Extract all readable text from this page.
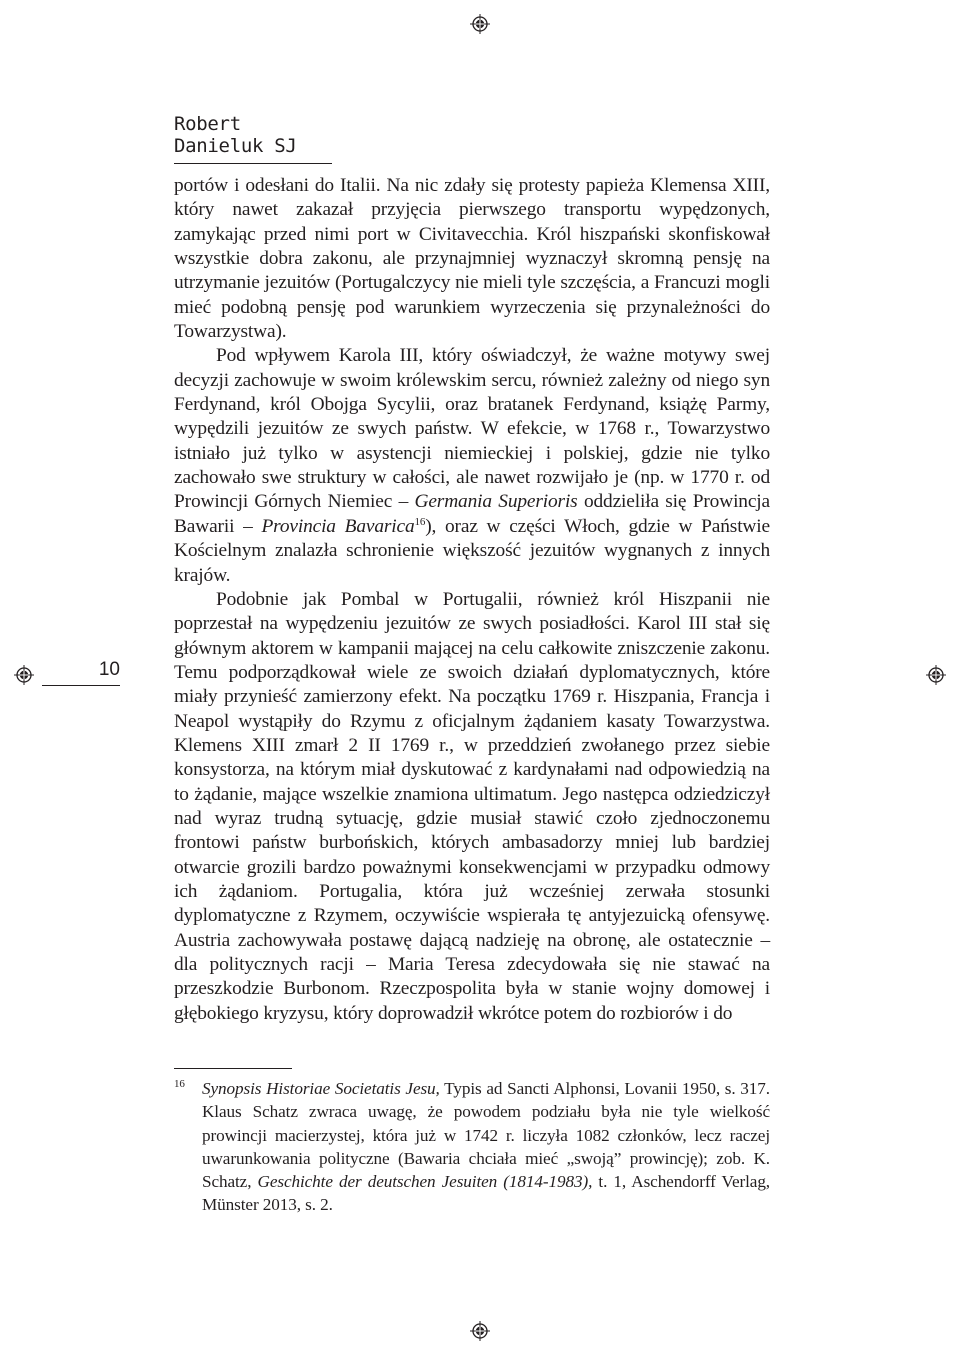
Robert Danieluk SJ
10

portów i odesłani do Italii. Na nic zdały się protesty papieża Klemensa XIII, który nawet zakazał przyjęcia pierwszego transportu wypędzonych, zamykając przed nimi port w Civitavecchia. Król hiszpański skonfiskował wszystkie dobra zakonu, ale przynajmniej wyznaczył skromną pensję na utrzymanie jezuitów (Portugalczycy nie mieli tyle szczęścia, a Francuzi mogli mieć podobną pensję pod warunkiem wyrzeczenia się przynależności do Towarzystwa).

Pod wpływem Karola III, który oświadczył, że ważne motywy swej decyzji zachowuje w swoim królewskim sercu, również zależny od niego syn Ferdynand, król Obojga Sycylii, oraz bratanek Ferdynand, książę Parmy, wypędzili jezuitów ze swych państw. W efekcie, w 1768 r., Towarzystwo istniało już tylko w asystencji niemieckiej i polskiej, gdzie nie tylko zachowało swe struktury w całości, ale nawet rozwijało je (np. w 1770 r. od Prowincji Górnych Niemiec – Germania Superioris oddzieliła się Prowincja Bawarii – Provincia Bavarica$^{16}$), oraz w części Włoch, gdzie w Państwie Kościelnym znalazła schronienie większość jezuitów wygnanych z innych krajów.

Podobnie jak Pombal w Portugalii, również król Hiszpanii nie poprzestał na wypędzeniu jezuitów ze swych posiadłości. Karol III stał się głównym aktorem w kampanii mającej na celu całkowite zniszczenie zakonu. Temu podporządkował wiele ze swoich działań dyplomatycznych, które miały przynieść zamierzony efekt. Na początku 1769 r. Hiszpania, Francja i Neapol wystąpiły do Rzymu z oficjalnym żądaniem kasaty Towarzystwa. Klemens XIII zmarł 2 II 1769 r., w przeddzień zwołanego przez siebie konsystorza, na którym miał dyskutować z kardynałami nad odpowiedzią na to żądanie, mające wszelkie znamiona ultimatum. Jego następca odziedziczył nad wyraz trudną sytuację, gdzie musiał stawić czoło zjednoczonemu frontowi państw burbońskich, których ambasadorzy mniej lub bardziej otwarcie grozili bardzo poważnymi konsekwencjami w przypadku odmowy ich żądaniom. Portugalia, która już wcześniej zerwała stosunki dyplomatyczne z Rzymem, oczywiście wspierała tę antyjezuicką ofensywę. Austria zachowywała postawę dającą nadzieję na obronę, ale ostatecznie – dla politycznych racji – Maria Teresa zdecydowała się nie stawać na przeszkodzie Burbonom. Rzeczpospolita była w stanie wojny domowej i głębokiego kryzysu, który doprowadził wkrótce potem do rozbiorów i do

16 Synopsis Historiae Societatis Jesu, Typis ad Sancti Alphonsi, Lovanii 1950, s. 317. Klaus Schatz zwraca uwagę, że powodem podziału była nie tyle wielkość prowincji macierzystej, która już w 1742 r. liczyła 1082 członków, lecz raczej uwarunkowania polityczne (Bawaria chciała mieć „swoją” prowincję); zob. K. Schatz, Geschichte der deutschen Jesuiten (1814-1983), t. 1, Aschendorff Verlag, Münster 2013, s. 2.
